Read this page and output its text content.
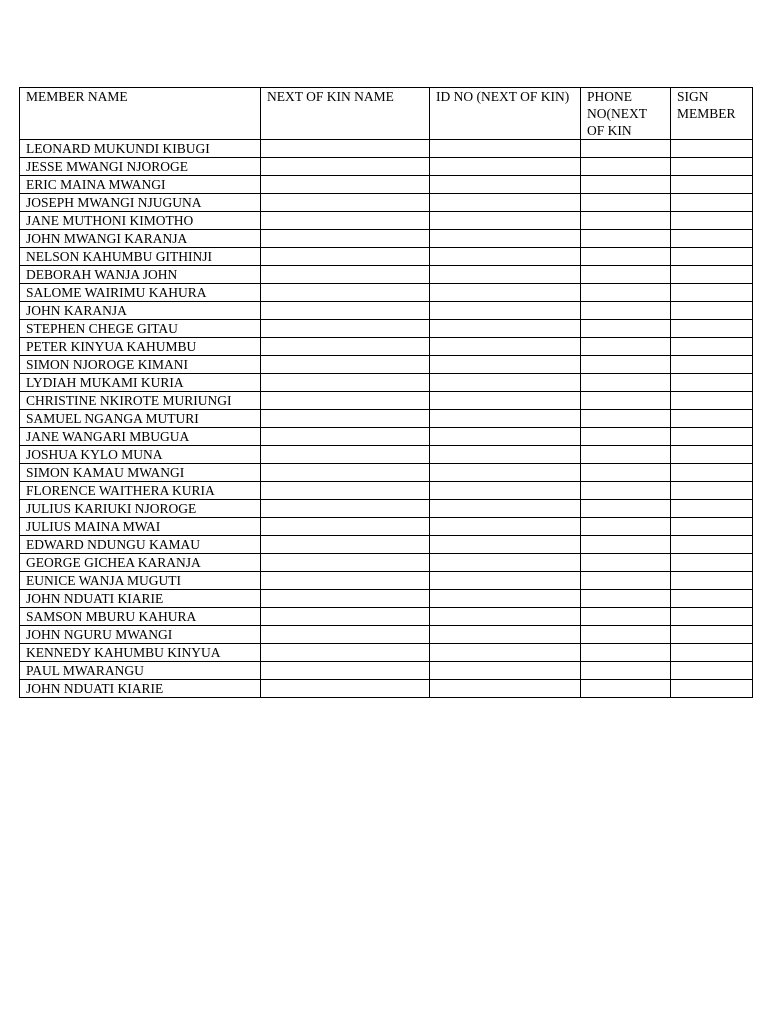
MEMBER NAME	NEXT OF KIN NAME	ID NO (NEXT OF KIN)	PHONE NO(NEXT OF KIN	SIGN MEMBER
LEONARD MUKUNDI KIBUGI				
JESSE MWANGI NJOROGE				
ERIC MAINA MWANGI				
JOSEPH MWANGI NJUGUNA				
JANE MUTHONI KIMOTHO				
JOHN MWANGI KARANJA				
NELSON KAHUMBU GITHINJI				
DEBORAH WANJA JOHN				
SALOME WAIRIMU KAHURA				
JOHN KARANJA				
STEPHEN CHEGE GITAU				
PETER KINYUA KAHUMBU				
SIMON NJOROGE KIMANI				
LYDIAH MUKAMI KURIA				
CHRISTINE NKIROTE MURIUNGI				
SAMUEL NGANGA MUTURI				
JANE WANGARI MBUGUA				
JOSHUA KYLO MUNA				
SIMON KAMAU MWANGI				
FLORENCE WAITHERA KURIA				
JULIUS KARIUKI NJOROGE				
JULIUS MAINA MWAI				
EDWARD NDUNGU KAMAU				
GEORGE GICHEA KARANJA				
EUNICE WANJA MUGUTI				
JOHN NDUATI KIARIE				
SAMSON MBURU KAHURA				
JOHN NGURU MWANGI				
KENNEDY KAHUMBU KINYUA				
PAUL MWARANGU				
JOHN NDUATI KIARIE				
